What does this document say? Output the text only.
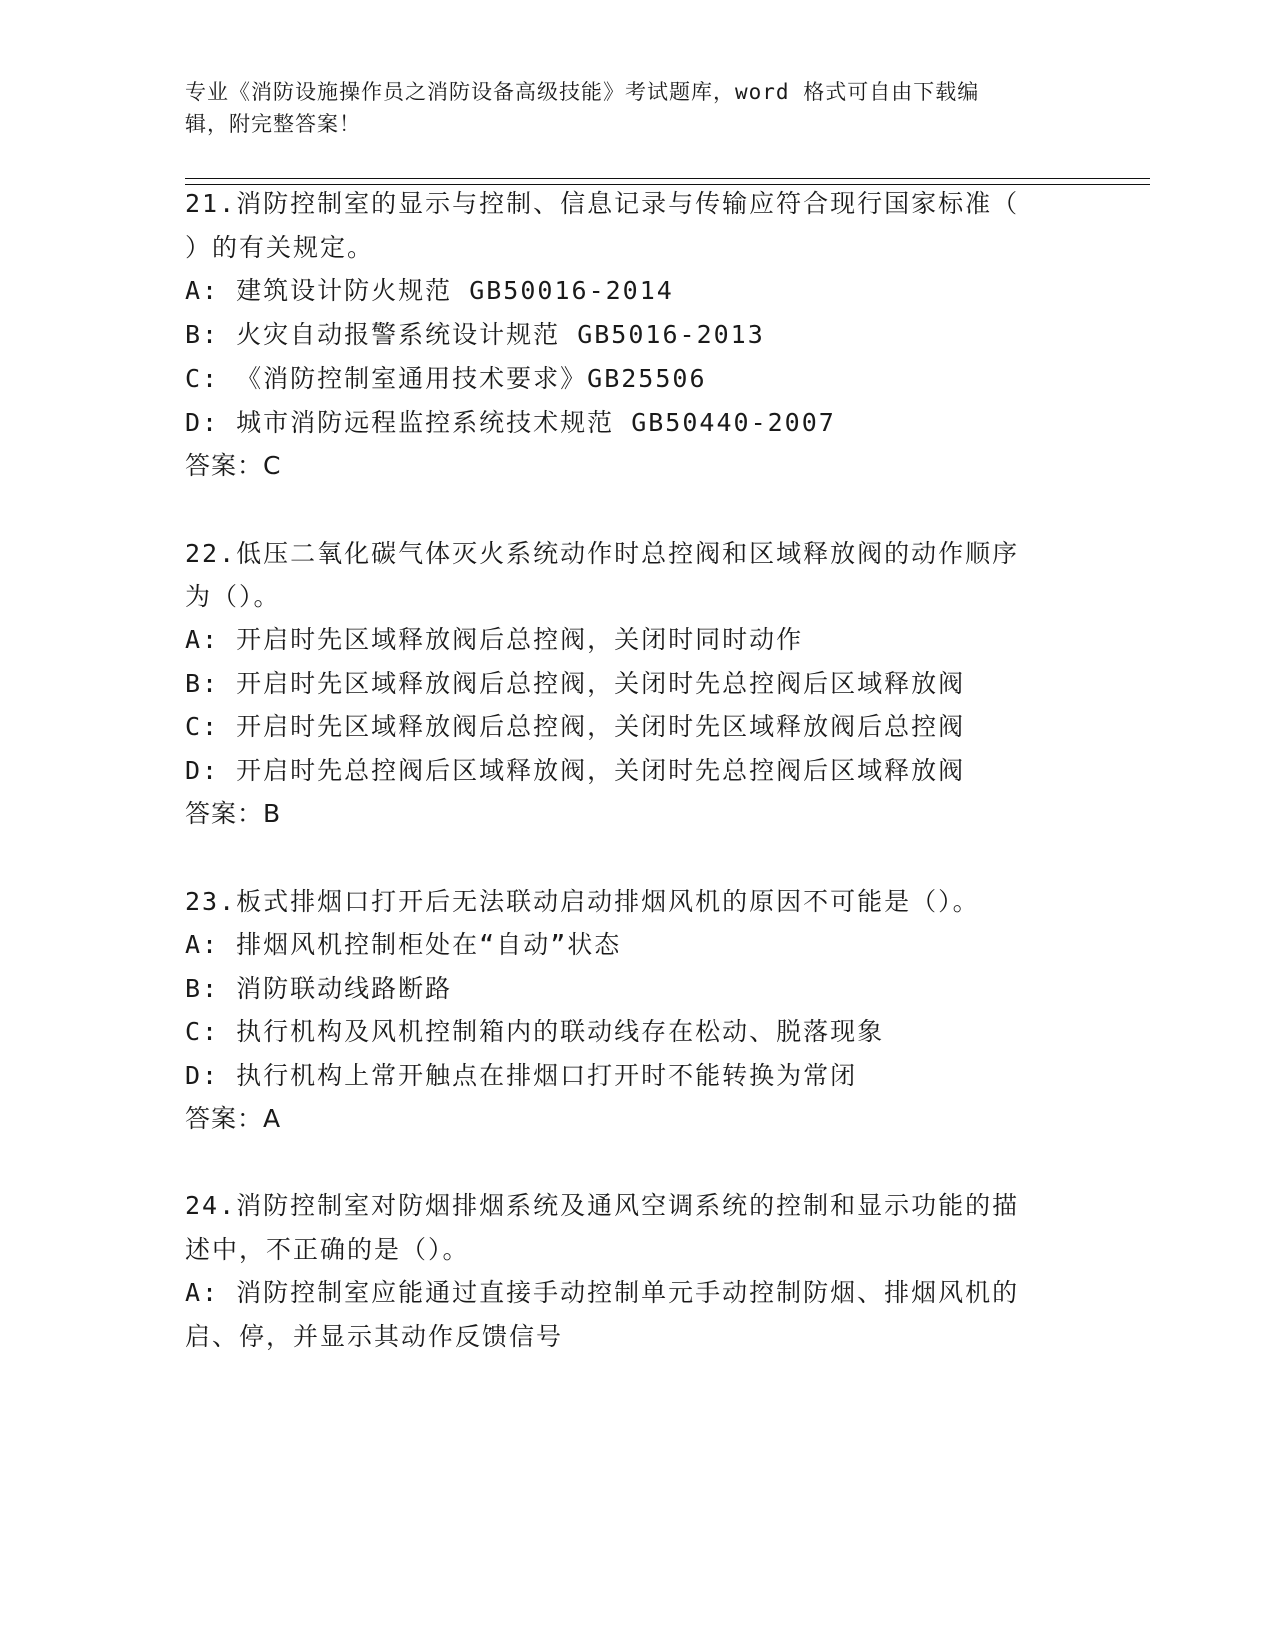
专业《消防设施操作员之消防设备高级技能》考试题库，word 格式可自由下载编
辑，附完整答案！
21.消防控制室的显示与控制、信息记录与传输应符合现行国家标准（
）的有关规定。
A: 建筑设计防火规范 GB50016-2014
B: 火灾自动报警系统设计规范 GB5016-2013
C: 《消防控制室通用技术要求》GB25506
D: 城市消防远程监控系统技术规范 GB50440-2007
答案：C
22.低压二氧化碳气体灭火系统动作时总控阀和区域释放阀的动作顺序
为（）。
A: 开启时先区域释放阀后总控阀，关闭时同时动作
B: 开启时先区域释放阀后总控阀，关闭时先总控阀后区域释放阀
C: 开启时先区域释放阀后总控阀，关闭时先区域释放阀后总控阀
D: 开启时先总控阀后区域释放阀，关闭时先总控阀后区域释放阀
答案：B
23.板式排烟口打开后无法联动启动排烟风机的原因不可能是（）。
A: 排烟风机控制柜处在“自动”状态
B: 消防联动线路断路
C: 执行机构及风机控制箱内的联动线存在松动、脱落现象
D: 执行机构上常开触点在排烟口打开时不能转换为常闭
答案：A
24.消防控制室对防烟排烟系统及通风空调系统的控制和显示功能的描
述中，不正确的是（）。
A: 消防控制室应能通过直接手动控制单元手动控制防烟、排烟风机的
启、停，并显示其动作反馈信号
